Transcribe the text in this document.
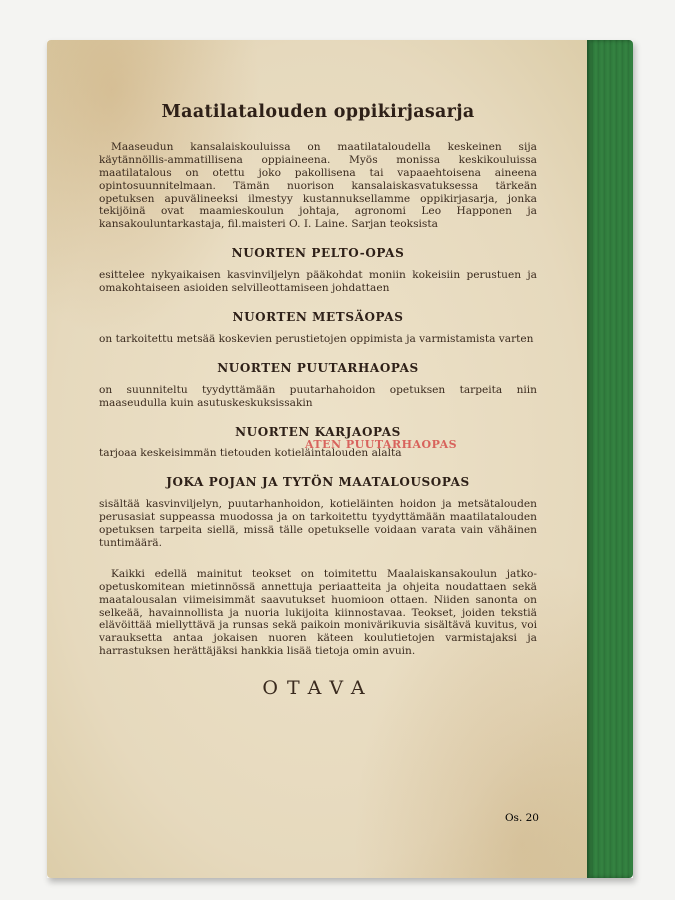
Maatilatalouden oppikirjasarja

Maaseudun kansalaiskouluissa on maatilataloudella keskeinen sija käytännöllis-ammatillisena oppiaineena. Myös monissa keskikouluissa maatilatalous on otettu joko pakollisena tai vapaaehtoisena aineena opintosuunnitelmaan. Tämän nuorison kansalaiskasvatuksessa tärkeän opetuksen apuvälineeksi ilmestyy kustannuksellamme oppikirjasarja, jonka tekijöinä ovat maamieskoulun johtaja, agronomi Leo Happonen ja kansakouluntarkastaja, fil.maisteri O. I. Laine. Sarjan teoksista

NUORTEN PELTO-OPAS

esittelee nykyaikaisen kasvinviljelyn pääkohdat moniin kokeisiin perustuen ja omakohtaiseen asioiden selvilleottamiseen johdattaen

NUORTEN METSÄOPAS

on tarkoitettu metsää koskevien perustietojen oppimista ja varmistamista varten

NUORTEN PUUTARHAOPAS

on suunniteltu tyydyttämään puutarhahoidon opetuksen tarpeita niin maaseudulla kuin asutuskeskuksissakin

NUORTEN KARJAOPAS

tarjoaa keskeisimmän tietouden kotieläintalouden alalta

JOKA POJAN JA TYTÖN MAATALOUSOPAS

sisältää kasvinviljelyn, puutarhanhoidon, kotieläinten hoidon ja metsätalouden perusasiat suppeassa muodossa ja on tarkoitettu tyydyttämään maatilatalouden opetuksen tarpeita siellä, missä tälle opetukselle voidaan varata vain vähäinen tuntimäärä.

Kaikki edellä mainitut teokset on toimitettu Maalaiskansakoulun jatko-opetuskomitean mietinnössä annettuja periaatteita ja ohjeita noudattaen sekä maatalousalan viimeisimmät saavutukset huomioon ottaen. Niiden sanonta on selkeää, havainnollista ja nuoria lukijoita kiinnostavaa. Teokset, joiden tekstiä elävöittää miellyttävä ja runsas sekä paikoin monivärikuvia sisältävä kuvitus, voi varauksetta antaa jokaisen nuoren käteen koulutietojen varmistajaksi ja harrastuksen herättäjäksi hankkia lisää tietoja omin avuin.

OTAVA
ATEN PUUTARHAOPAS
Os. 20
